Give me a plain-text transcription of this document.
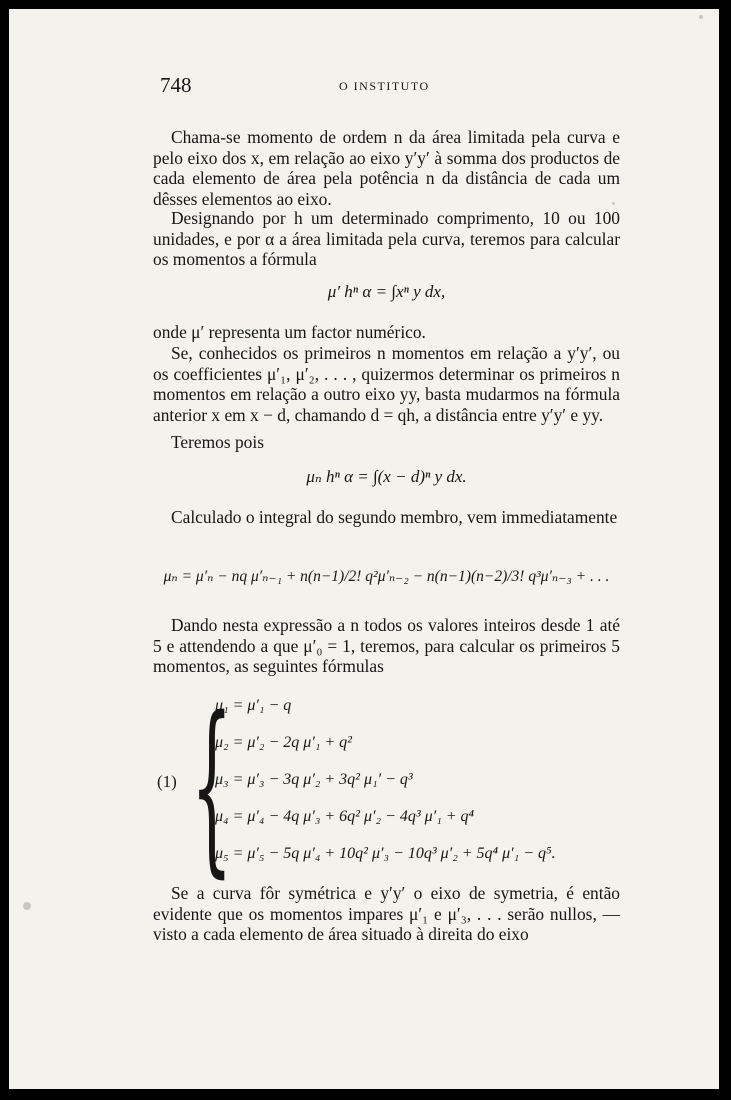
748	O INSTITUTO

Chama-se momento de ordem n da área limitada pela curva e pelo eixo dos x, em relação ao eixo y′y′ à somma dos productos de cada elemento de área pela potência n da distância de cada um dêsses elementos ao eixo.

Designando por h um determinado comprimento, 10 ou 100 unidades, e por α a área limitada pela curva, teremos para calcular os momentos a fórmula

μ′ hⁿ α = ∫xⁿ y dx,

onde μ′ representa um factor numérico.

Se, conhecidos os primeiros n momentos em relação a y′y′, ou os coefficientes μ′₁, μ′₂, . . . , quizermos determinar os primeiros n momentos em relação a outro eixo yy, basta mudarmos na fórmula anterior x em x − d, chamando d = qh, a distância entre y′y′ e yy.

Teremos pois

μₙ hⁿ α = ∫(x − d)ⁿ y dx.

Calculado o integral do segundo membro, vem immediatamente

μₙ = μ′ₙ − nq μ′ₙ₋₁ + n(n−1)/2! q²μ′ₙ₋₂ − n(n−1)(n−2)/3! q³μ′ₙ₋₃ + . . .

Dando nesta expressão a n todos os valores inteiros desde 1 até 5 e attendendo a que μ′₀ = 1, teremos, para calcular os primeiros 5 momentos, as seguintes fórmulas

(1) {
μ₁ = μ′₁ − q
μ₂ = μ′₂ − 2q μ′₁ + q²
μ₃ = μ′₃ − 3q μ′₂ + 3q² μ₁′ − q³
μ₄ = μ′₄ − 4q μ′₃ + 6q² μ′₂ − 4q³ μ′₁ + q⁴
μ₅ = μ′₅ − 5q μ′₄ + 10q² μ′₃ − 10q³ μ′₂ + 5q⁴ μ′₁ − q⁵.

Se a curva fôr symétrica e y′y′ o eixo de symetria, é então evidente que os momentos impares μ′₁ e μ′₃, . . . serão nullos, — visto a cada elemento de área situado à direita do eixo
